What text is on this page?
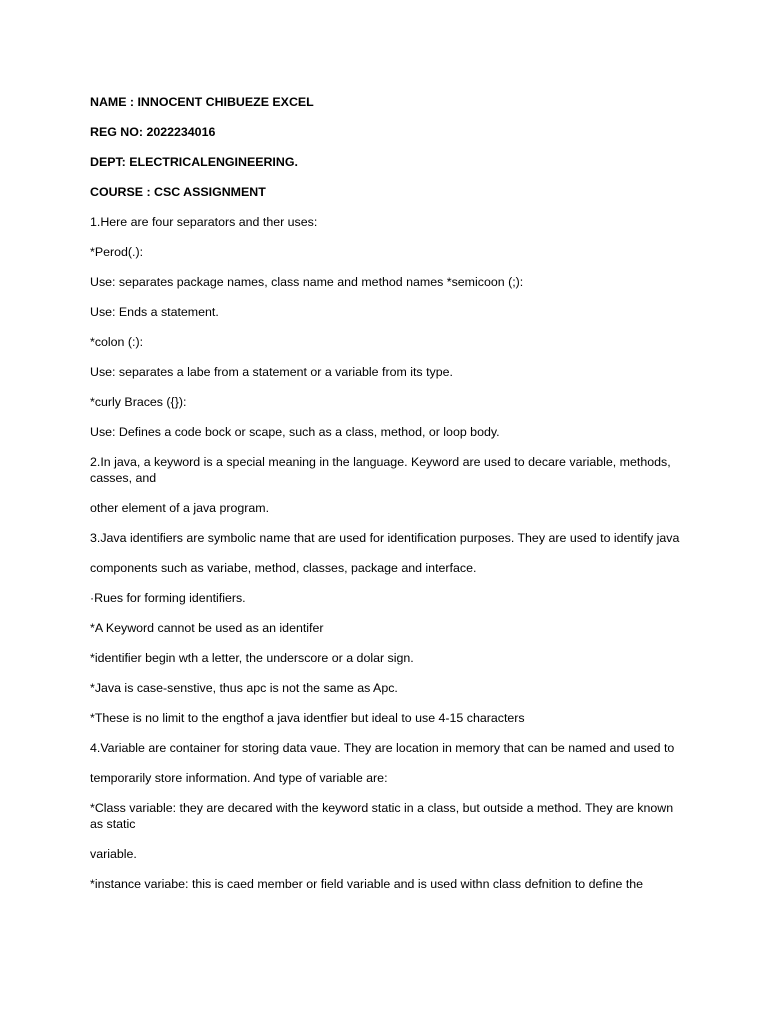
NAME : INNOCENT CHIBUEZE EXCEL

REG NO: 2022234016

DEPT: ELECTRICALENGINEERING.

COURSE : CSC ASSIGNMENT

1.Here are four separators and ther uses:

*Perod(.):

Use: separates package names, class name and method names *semicoon (;):

Use: Ends a statement.

*colon (:):

Use: separates a labe from a statement or a variable from its type.

*curly Braces ({}):

Use: Defines a code bock or scape, such as a class, method, or loop body.

2.In java, a keyword is a special meaning in the language. Keyword are used to decare variable, methods, casses, and

other element of a java program.

3.Java identifiers are symbolic name that are used for identification purposes. They are used to identify java

components such as variabe, method, classes, package and interface.

·Rues for forming identifiers.

*A Keyword cannot be used as an identifer

*identifier begin wth a letter, the underscore or a dolar sign.

*Java is case-senstive, thus apc is not the same as Apc.

*These is no limit to the engthof a java identfier but ideal to use 4-15 characters

4.Variable are container for storing data vaue. They are location in memory that can be named and used to

temporarily store information. And type of variable are:

*Class variable: they are decared with the keyword static in a class, but outside a method. They are known as static

variable.

*instance variabe: this is caed member or field variable and is used withn class defnition to define the
